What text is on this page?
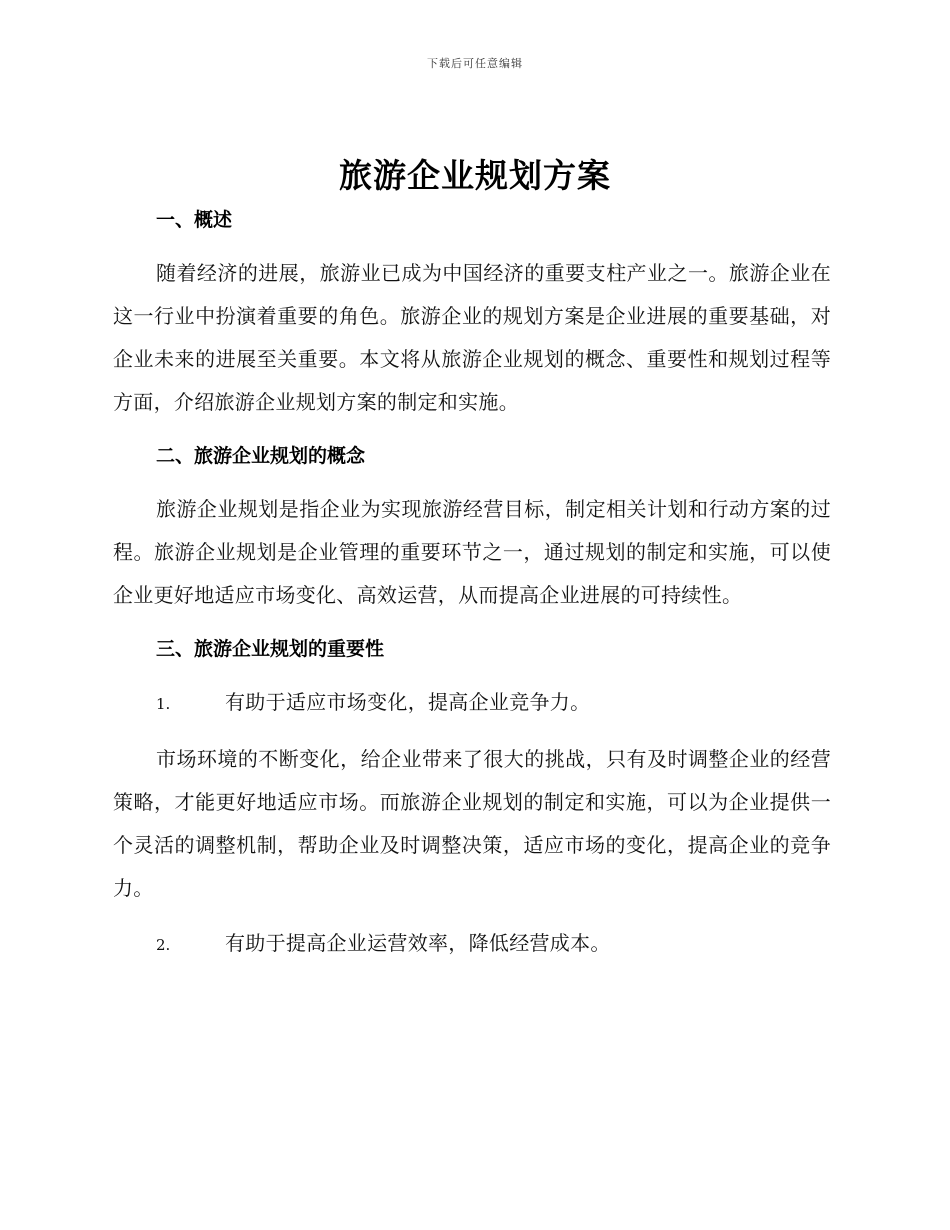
下载后可任意编辑
旅游企业规划方案

一、概述

随着经济的进展，旅游业已成为中国经济的重要支柱产业之一。旅游企业在这一行业中扮演着重要的角色。旅游企业的规划方案是企业进展的重要基础，对企业未来的进展至关重要。本文将从旅游企业规划的概念、重要性和规划过程等方面，介绍旅游企业规划方案的制定和实施。

二、旅游企业规划的概念

旅游企业规划是指企业为实现旅游经营目标，制定相关计划和行动方案的过程。旅游企业规划是企业管理的重要环节之一，通过规划的制定和实施，可以使企业更好地适应市场变化、高效运营，从而提高企业进展的可持续性。

三、旅游企业规划的重要性

1.	有助于适应市场变化，提高企业竞争力。

市场环境的不断变化，给企业带来了很大的挑战，只有及时调整企业的经营策略，才能更好地适应市场。而旅游企业规划的制定和实施，可以为企业提供一个灵活的调整机制，帮助企业及时调整决策，适应市场的变化，提高企业的竞争力。

2.	有助于提高企业运营效率，降低经营成本。
